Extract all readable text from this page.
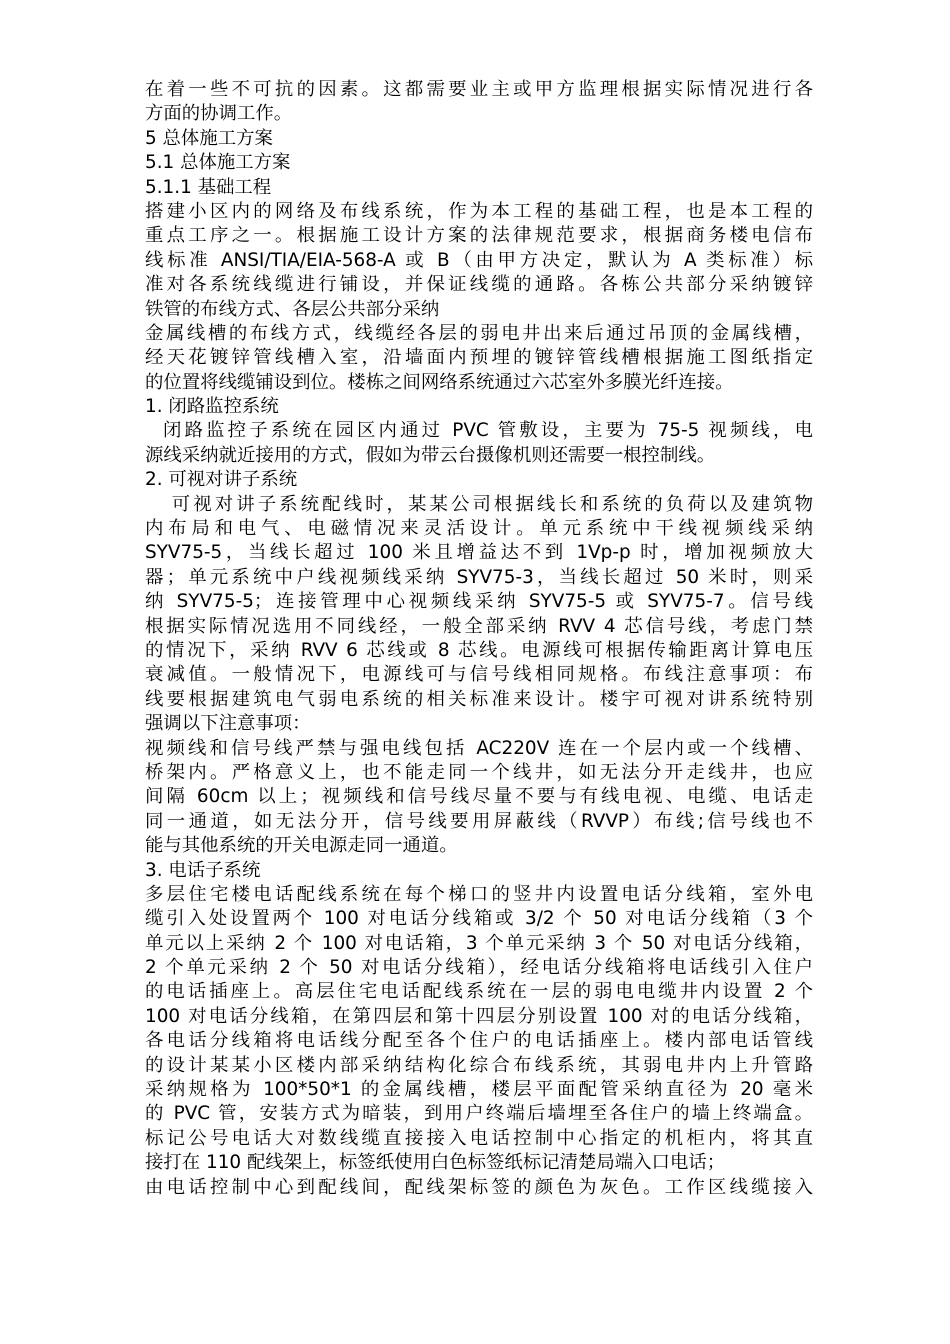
在着一些不可抗的因素。这都需要业主或甲方监理根据实际情况进行各
方面的协调工作。
5 总体施工方案
5.1 总体施工方案
5.1.1 基础工程
搭建小区内的网络及布线系统，作为本工程的基础工程，也是本工程的
重点工序之一。根据施工设计方案的法律规范要求，根据商务楼电信布
线标准 ANSI/TIA/EIA-568-A 或 B（由甲方决定，默认为 A 类标准）标
准对各系统线缆进行铺设，并保证线缆的通路。各栋公共部分采纳镀锌
铁管的布线方式、各层公共部分采纳
金属线槽的布线方式，线缆经各层的弱电井出来后通过吊顶的金属线槽，
经天花镀锌管线槽入室，沿墙面内预埋的镀锌管线槽根据施工图纸指定
的位置将线缆铺设到位。楼栋之间网络系统通过六芯室外多膜光纤连接。
1. 闭路监控系统
闭路监控子系统在园区内通过 PVC 管敷设，主要为 75-5 视频线，电
源线采纳就近接用的方式，假如为带云台摄像机则还需要一根控制线。
2. 可视对讲子系统
可视对讲子系统配线时，某某公司根据线长和系统的负荷以及建筑物
内布局和电气、电磁情况来灵活设计。单元系统中干线视频线采纳
SYV75-5，当线长超过 100 米且增益达不到 1Vp-p 时，增加视频放大
器；单元系统中户线视频线采纳 SYV75-3，当线长超过 50 米时，则采
纳 SYV75-5；连接管理中心视频线采纳 SYV75-5 或 SYV75-7。信号线
根据实际情况选用不同线经，一般全部采纳 RVV 4 芯信号线，考虑门禁
的情况下，采纳 RVV 6 芯线或 8 芯线。电源线可根据传输距离计算电压
衰减值。一般情况下，电源线可与信号线相同规格。布线注意事项：布
线要根据建筑电气弱电系统的相关标准来设计。楼宇可视对讲系统特别
强调以下注意事项：
视频线和信号线严禁与强电线包括 AC220V 连在一个层内或一个线槽、
桥架内。严格意义上，也不能走同一个线井，如无法分开走线井，也应
间隔 60cm 以上；视频线和信号线尽量不要与有线电视、电缆、电话走
同一通道，如无法分开，信号线要用屏蔽线（RVVP）布线;信号线也不
能与其他系统的开关电源走同一通道。
3. 电话子系统
多层住宅楼电话配线系统在每个梯口的竖井内设置电话分线箱，室外电
缆引入处设置两个 100 对电话分线箱或 3/2 个 50 对电话分线箱（3 个
单元以上采纳 2 个 100 对电话箱，3 个单元采纳 3 个 50 对电话分线箱，
2 个单元采纳 2 个 50 对电话分线箱），经电话分线箱将电话线引入住户
的电话插座上。高层住宅电话配线系统在一层的弱电电缆井内设置 2 个
100 对电话分线箱，在第四层和第十四层分别设置 100 对的电话分线箱，
各电话分线箱将电话线分配至各个住户的电话插座上。楼内部电话管线
的设计某某小区楼内部采纳结构化综合布线系统，其弱电井内上升管路
采纳规格为 100*50*1 的金属线槽，楼层平面配管采纳直径为 20 毫米
的 PVC 管，安装方式为暗装，到用户终端后墙埋至各住户的墙上终端盒。
标记公号电话大对数线缆直接接入电话控制中心指定的机柜内，将其直
接打在 110 配线架上，标签纸使用白色标签纸标记清楚局端入口电话；
由电话控制中心到配线间，配线架标签的颜色为灰色。工作区线缆接入
